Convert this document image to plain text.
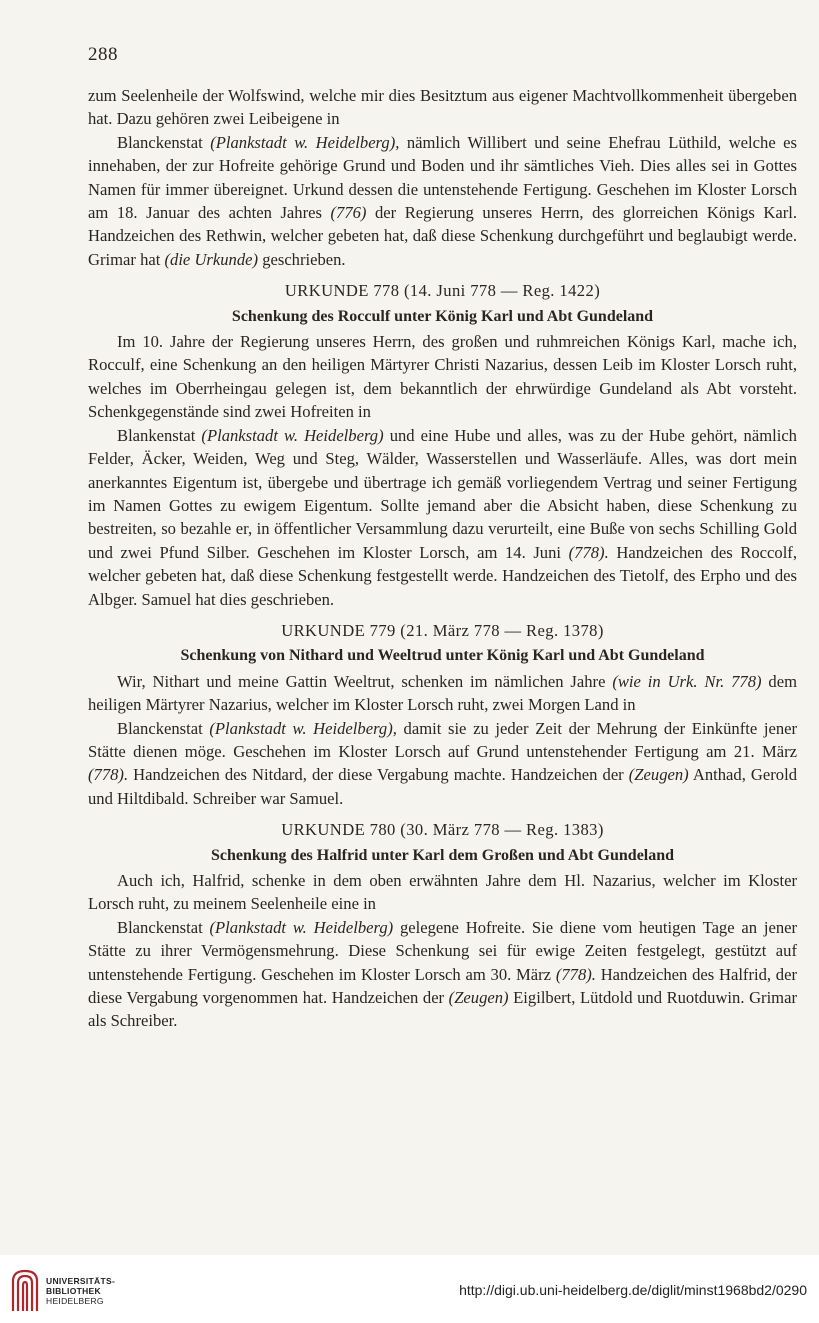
288

zum Seelenheile der Wolfswind, welche mir dies Besitztum aus eigener Machtvollkommenheit übergeben hat. Dazu gehören zwei Leibeigene in

Blanckenstat (Plankstadt w. Heidelberg), nämlich Willibert und seine Ehefrau Lüthild, welche es innehaben, der zur Hofreite gehörige Grund und Boden und ihr sämtliches Vieh. Dies alles sei in Gottes Namen für immer übereignet. Urkund dessen die untenstehende Fertigung. Geschehen im Kloster Lorsch am 18. Januar des achten Jahres (776) der Regierung unseres Herrn, des glorreichen Königs Karl. Handzeichen des Rethwin, welcher gebeten hat, daß diese Schenkung durchgeführt und beglaubigt werde. Grimar hat (die Urkunde) geschrieben.

URKUNDE 778 (14. Juni 778 — Reg. 1422)

Schenkung des Rocculf unter König Karl und Abt Gundeland

Im 10. Jahre der Regierung unseres Herrn, des großen und ruhmreichen Königs Karl, mache ich, Rocculf, eine Schenkung an den heiligen Märtyrer Christi Nazarius, dessen Leib im Kloster Lorsch ruht, welches im Oberrheingau gelegen ist, dem bekanntlich der ehrwürdige Gundeland als Abt vorsteht. Schenkgegenstände sind zwei Hofreiten in

Blankenstat (Plankstadt w. Heidelberg) und eine Hube und alles, was zu der Hube gehört, nämlich Felder, Äcker, Weiden, Weg und Steg, Wälder, Wasserstellen und Wasserläufe. Alles, was dort mein anerkanntes Eigentum ist, übergebe und übertrage ich gemäß vorliegendem Vertrag und seiner Fertigung im Namen Gottes zu ewigem Eigentum. Sollte jemand aber die Absicht haben, diese Schenkung zu bestreiten, so bezahle er, in öffentlicher Versammlung dazu verurteilt, eine Buße von sechs Schilling Gold und zwei Pfund Silber. Geschehen im Kloster Lorsch, am 14. Juni (778). Handzeichen des Roccolf, welcher gebeten hat, daß diese Schenkung festgestellt werde. Handzeichen des Tietolf, des Erpho und des Albger. Samuel hat dies geschrieben.

URKUNDE 779 (21. März 778 — Reg. 1378)

Schenkung von Nithard und Weeltrud unter König Karl und Abt Gundeland

Wir, Nithart und meine Gattin Weeltrut, schenken im nämlichen Jahre (wie in Urk. Nr. 778) dem heiligen Märtyrer Nazarius, welcher im Kloster Lorsch ruht, zwei Morgen Land in

Blanckenstat (Plankstadt w. Heidelberg), damit sie zu jeder Zeit der Mehrung der Einkünfte jener Stätte dienen möge. Geschehen im Kloster Lorsch auf Grund untenstehender Fertigung am 21. März (778). Handzeichen des Nitdard, der diese Vergabung machte. Handzeichen der (Zeugen) Anthad, Gerold und Hiltdibald. Schreiber war Samuel.

URKUNDE 780 (30. März 778 — Reg. 1383)

Schenkung des Halfrid unter Karl dem Großen und Abt Gundeland

Auch ich, Halfrid, schenke in dem oben erwähnten Jahre dem Hl. Nazarius, welcher im Kloster Lorsch ruht, zu meinem Seelenheile eine in

Blanckenstat (Plankstadt w. Heidelberg) gelegene Hofreite. Sie diene vom heutigen Tage an jener Stätte zu ihrer Vermögensmehrung. Diese Schenkung sei für ewige Zeiten festgelegt, gestützt auf untenstehende Fertigung. Geschehen im Kloster Lorsch am 30. März (778). Handzeichen des Halfrid, der diese Vergabung vorgenommen hat. Handzeichen der (Zeugen) Eigilbert, Lütdold und Ruotduwin. Grimar als Schreiber.

UNIVERSITÄTS-
BIBLIOTHEK
HEIDELBERG
http://digi.ub.uni-heidelberg.de/diglit/minst1968bd2/0290
